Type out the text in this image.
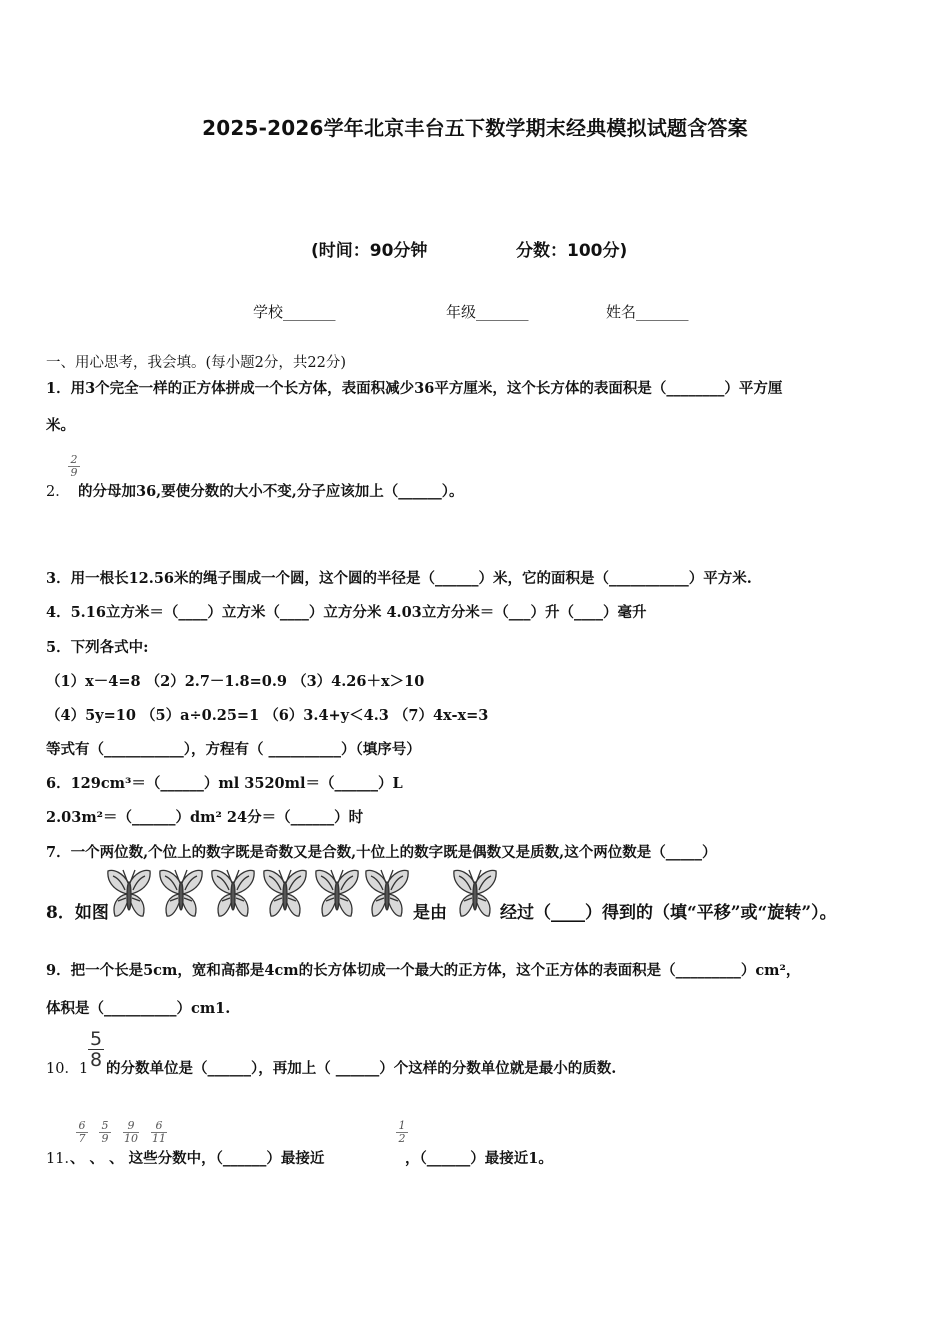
2025-2026学年北京丰台五下数学期末经典模拟试题含答案
(时间：90分钟	分数：100分)
学校_______	年级_______	姓名_______
一、用心思考，我会填。(每小题2分，共22分)
1．用3个完全一样的正方体拼成一个长方体，表面积减少36平方厘米，这个长方体的表面积是（________）平方厘
米。
2．
2
9
的分母加36,要使分数的大小不变,分子应该加上（______）。
3．用一根长12.56米的绳子围成一个圆，这个圆的半径是（______）米，它的面积是（___________）平方米.
4．5.16立方米＝（____）立方米（____）立方分米 4.03立方分米＝（___）升（____）毫升
5．下列各式中:
（1）x－4=8 （2）2.7－1.8=0.9 （3）4.26＋x＞10
（4）5y=10 （5）a÷0.25=1 （6）3.4+y＜4.3 （7）4x-x=3
等式有（___________），方程有（ __________）（填序号）
6．129cm³＝（______）ml 3520ml＝（______）L
2.03m²＝（______）dm² 24分＝（______）时
7．一个两位数,个位上的数字既是奇数又是合数,十位上的数字既是偶数又是质数,这个两位数是（_____）
8．如图	是由	经过（____）得到的（填“平移”或“旋转”）。
9．把一个长是5cm，宽和高都是4cm的长方体切成一个最大的正方体，这个正方体的表面积是（_________）cm²，
体积是（__________）cm1.
10．1
5
8 的分数单位是（______），再加上（ ______）个这样的分数单位就是最小的质数.
11．
6
7
5
9
9
10
6
11
、 、 、 这些分数中，（______）最接近
1
2
，（______）最接近1。
